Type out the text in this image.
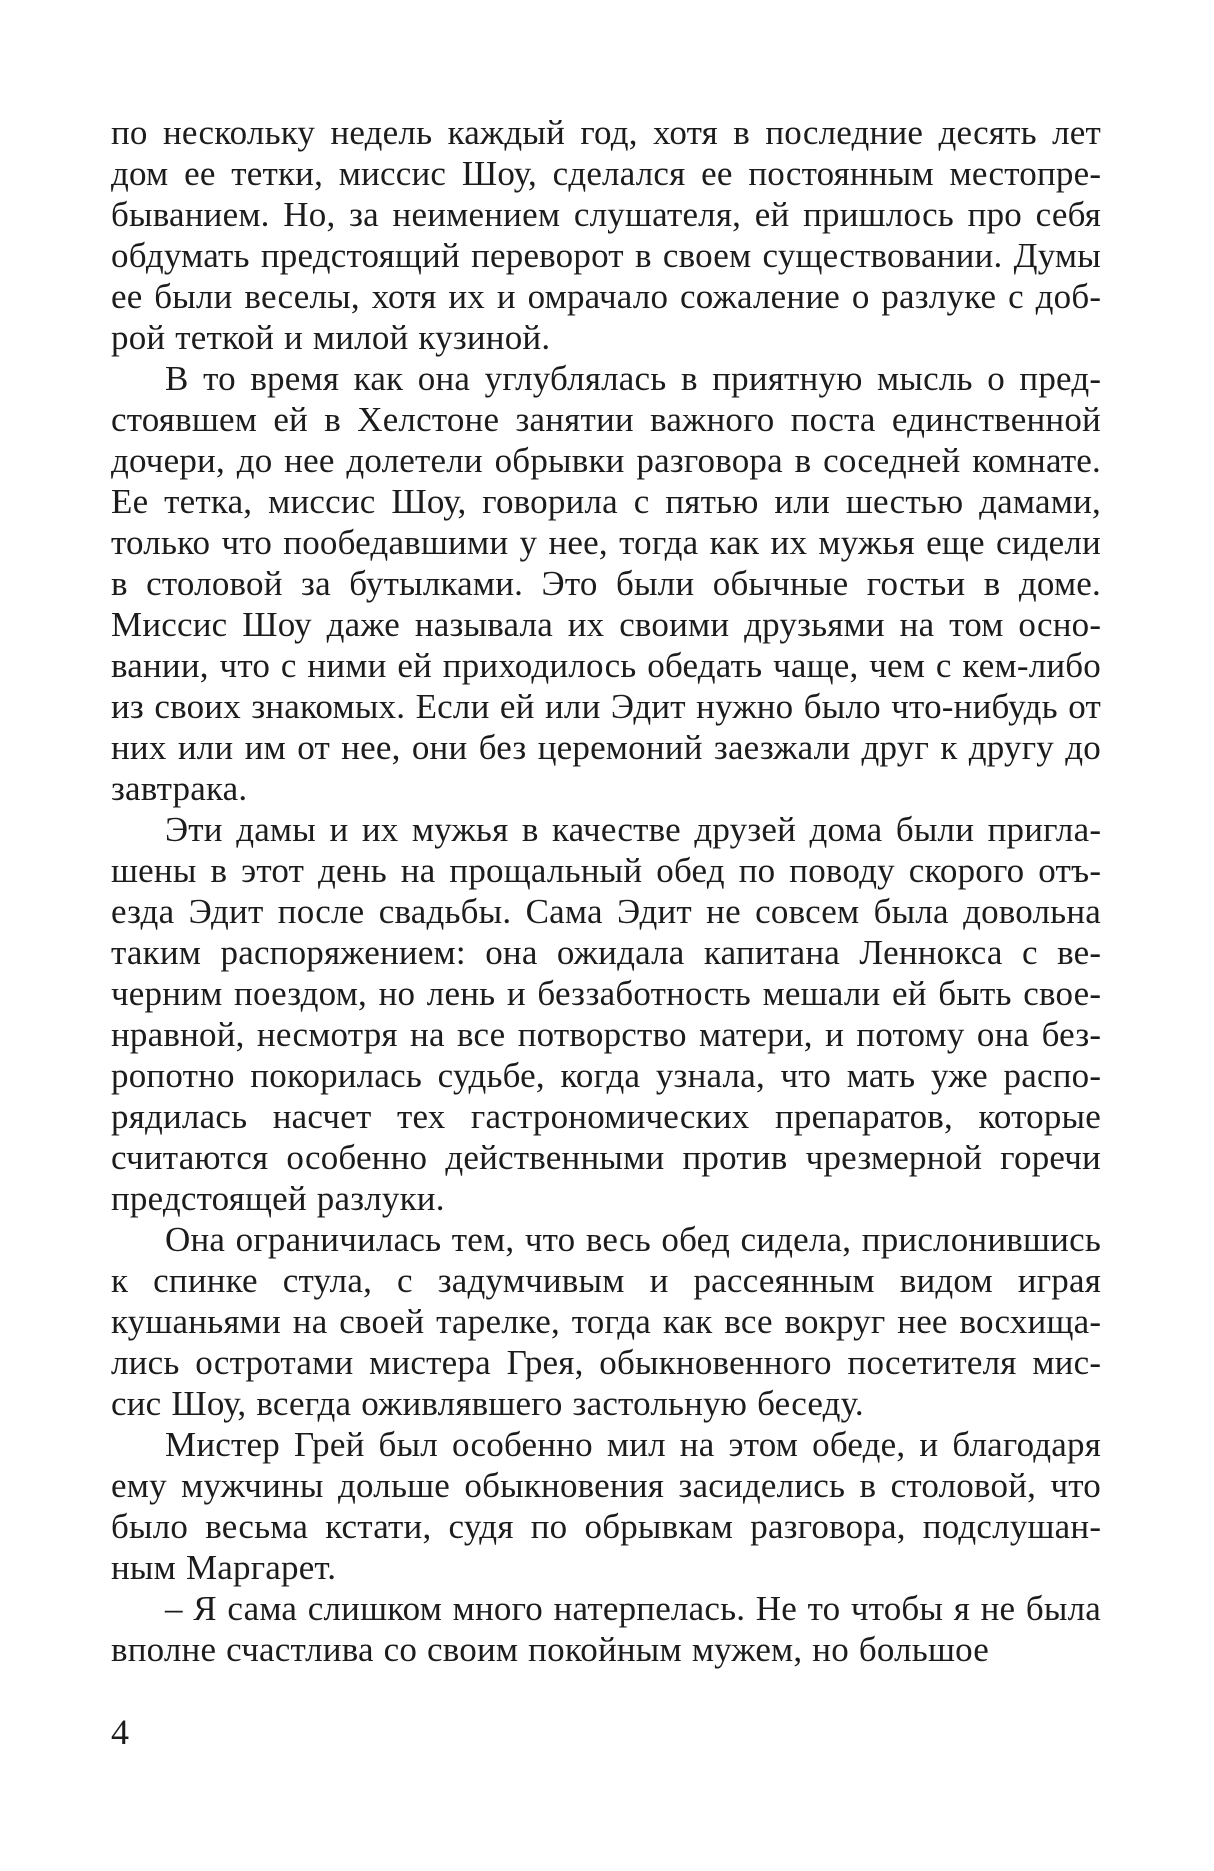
по нескольку недель каждый год, хотя в последние десять лет дом ее тетки, миссис Шоу, сделался ее постоянным местопребыванием. Но, за неимением слушателя, ей пришлось про себя обдумать предстоящий переворот в своем существовании. Думы ее были веселы, хотя их и омрачало сожаление о разлуке с доброй теткой и милой кузиной.

В то время как она углублялась в приятную мысль о предстоявшем ей в Хелстоне занятии важного поста единственной дочери, до нее долетели обрывки разговора в соседней комнате. Ее тетка, миссис Шоу, говорила с пятью или шестью дамами, только что пообедавшими у нее, тогда как их мужья еще сидели в столовой за бутылками. Это были обычные гостьи в доме. Миссис Шоу даже называла их своими друзьями на том основании, что с ними ей приходилось обедать чаще, чем с кем-либо из своих знакомых. Если ей или Эдит нужно было что-нибудь от них или им от нее, они без церемоний заезжали друг к другу до завтрака.

Эти дамы и их мужья в качестве друзей дома были приглашены в этот день на прощальный обед по поводу скорого отъезда Эдит после свадьбы. Сама Эдит не совсем была довольна таким распоряжением: она ожидала капитана Леннокса с вечерним поездом, но лень и беззаботность мешали ей быть своенравной, несмотря на все потворство матери, и потому она безропотно покорилась судьбе, когда узнала, что мать уже распорядилась насчет тех гастрономических препаратов, которые считаются особенно действенными против чрезмерной горечи предстоящей разлуки.

Она ограничилась тем, что весь обед сидела, прислонившись к спинке стула, с задумчивым и рассеянным видом играя кушаньями на своей тарелке, тогда как все вокруг нее восхищались остротами мистера Грея, обыкновенного посетителя миссис Шоу, всегда оживлявшего застольную беседу.

Мистер Грей был особенно мил на этом обеде, и благодаря ему мужчины дольше обыкновения засиделись в столовой, что было весьма кстати, судя по обрывкам разговора, подслушанным Маргарет.

– Я сама слишком много натерпелась. Не то чтобы я не была вполне счастлива со своим покойным мужем, но большое

4
